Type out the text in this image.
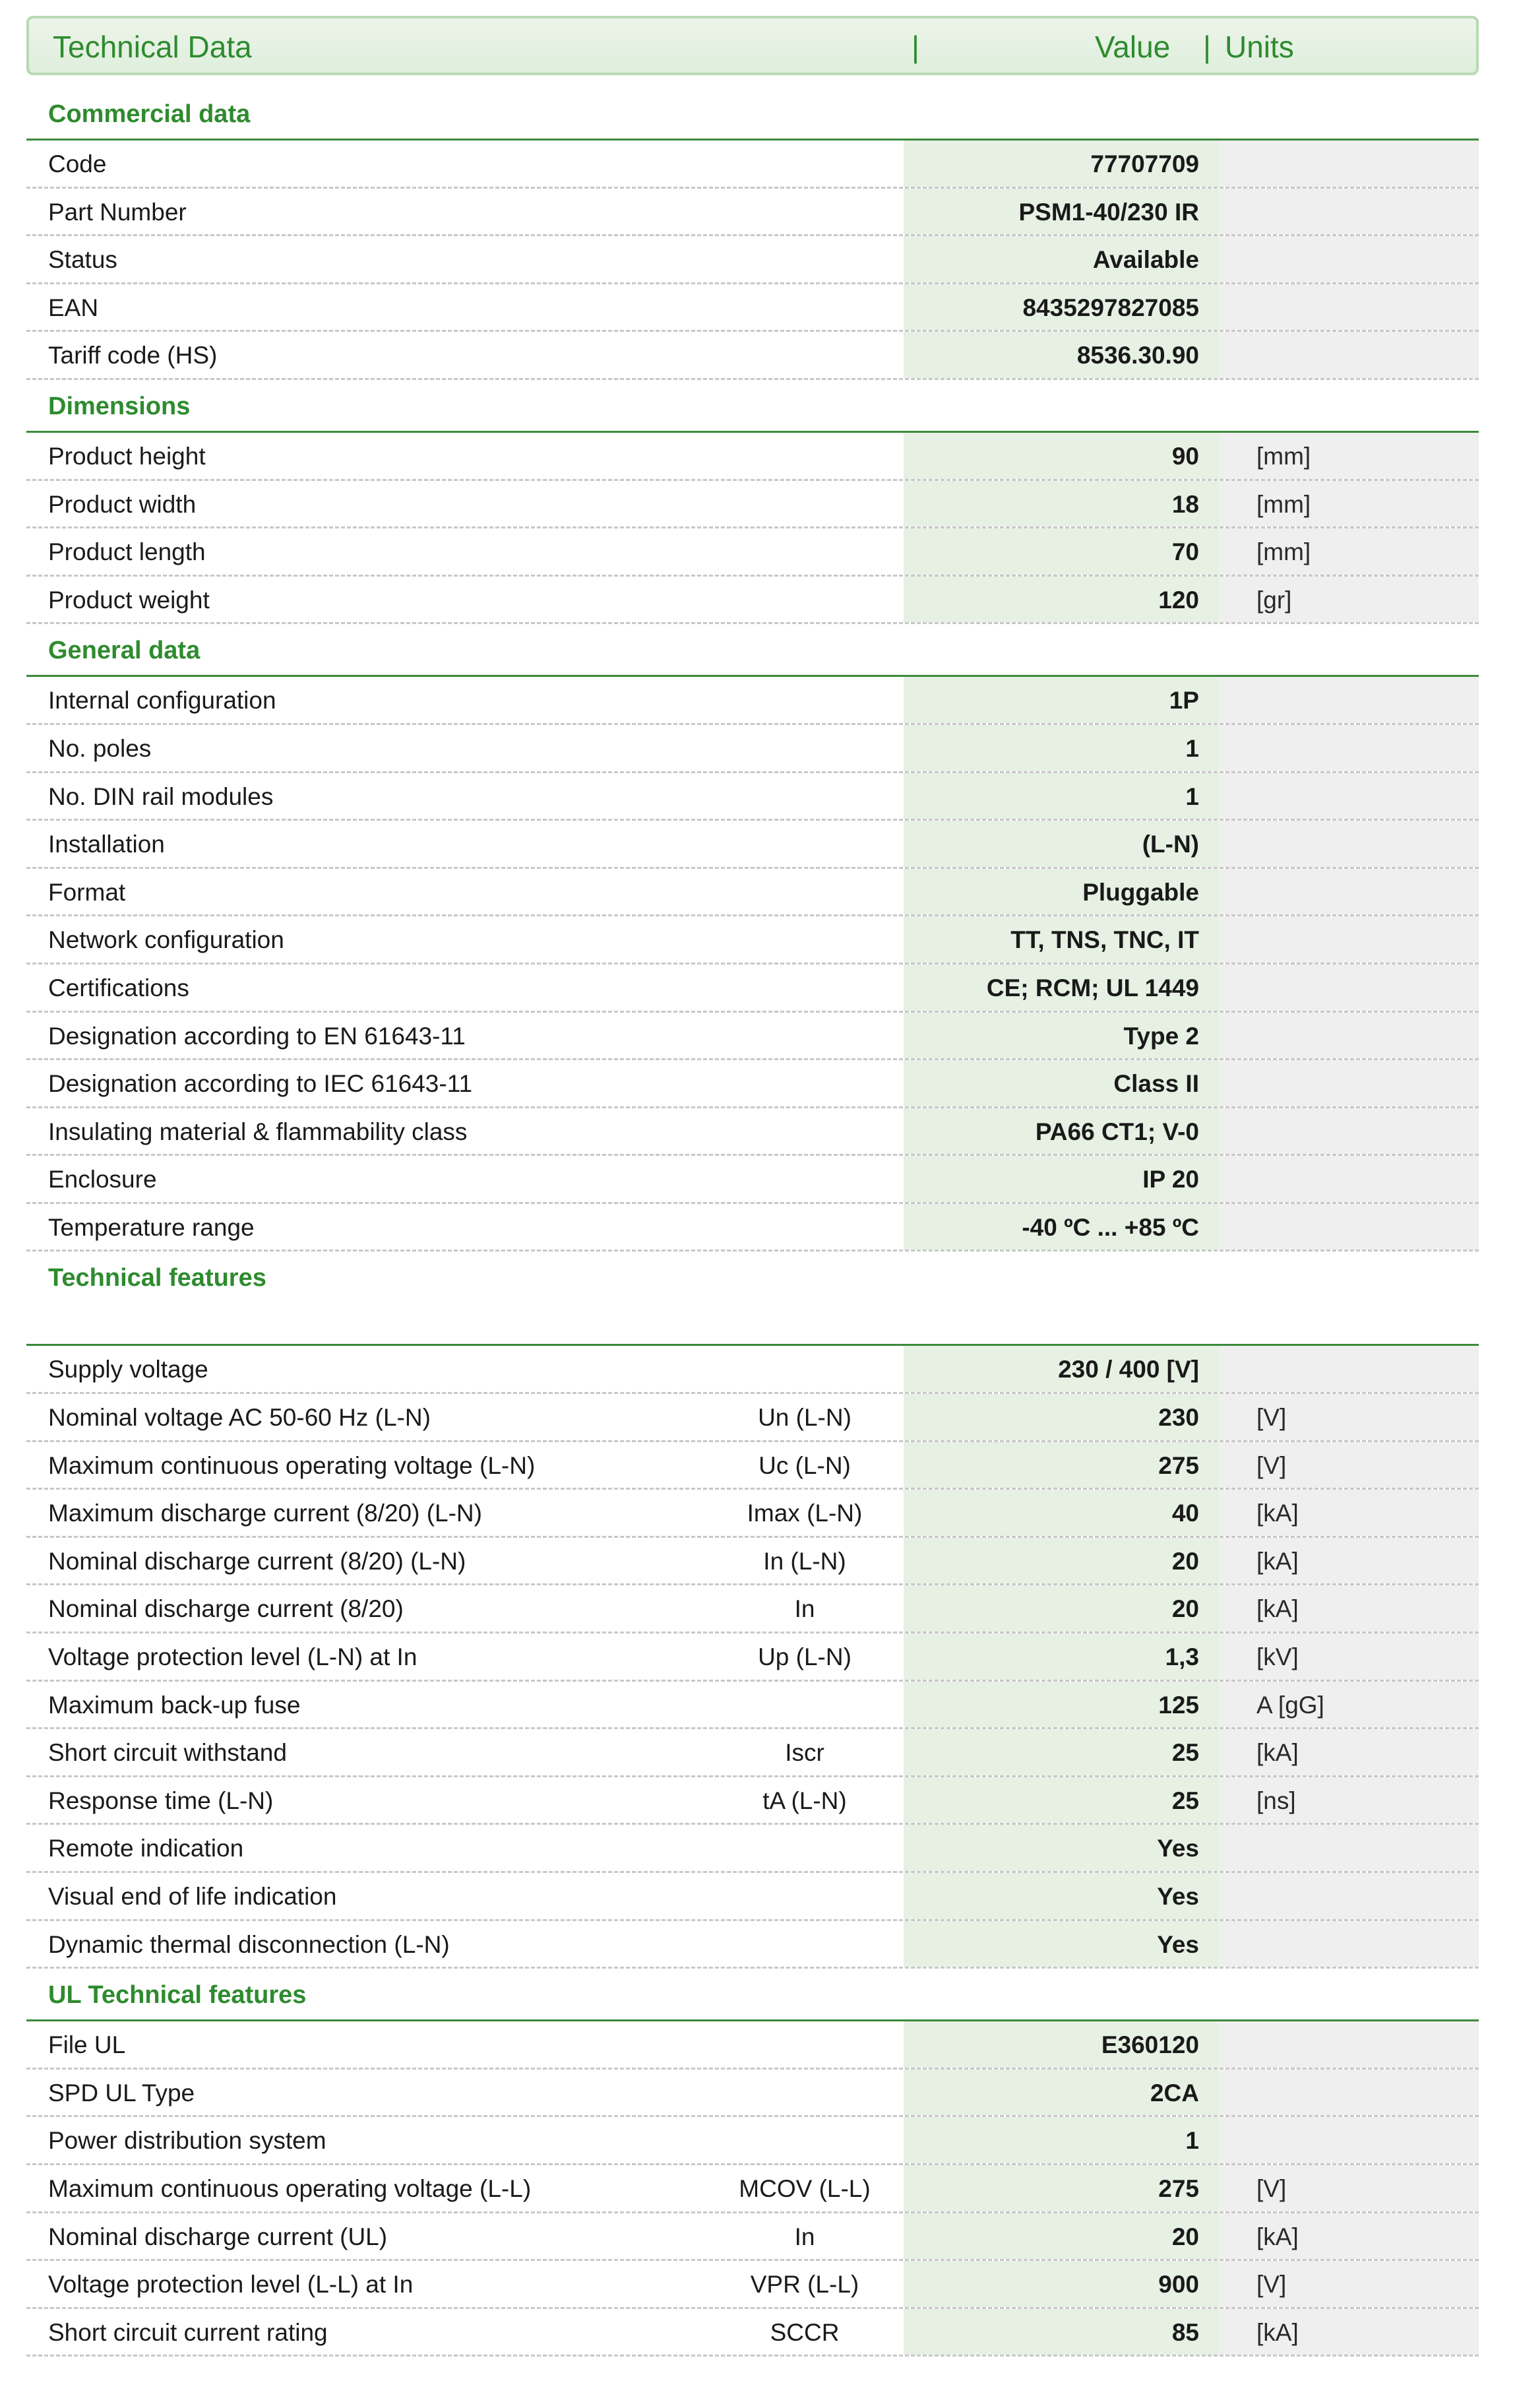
Technical Data	|	Value | Units
Commercial data
Code	77707709
Part Number	PSM1-40/230 IR
Status	Available
EAN	8435297827085
Tariff code (HS)	8536.30.90
Dimensions
Product height	90	[mm]
Product width	18	[mm]
Product length	70	[mm]
Product weight	120	[gr]
General data
Internal configuration	1P
No. poles	1
No. DIN rail modules	1
Installation	(L-N)
Format	Pluggable
Network configuration	TT, TNS, TNC, IT
Certifications	CE; RCM; UL 1449
Designation according to EN 61643-11	Type 2
Designation according to IEC 61643-11	Class II
Insulating material & flammability class	PA66 CT1; V-0
Enclosure	IP 20
Temperature range	-40 ºC ... +85 ºC
Technical features
Supply voltage	230 / 400 [V]
Nominal voltage AC 50-60 Hz (L-N)	Un (L-N)	230	[V]
Maximum continuous operating voltage (L-N)	Uc (L-N)	275	[V]
Maximum discharge current (8/20) (L-N)	Imax (L-N)	40	[kA]
Nominal discharge current (8/20) (L-N)	In (L-N)	20	[kA]
Nominal discharge current (8/20)	In	20	[kA]
Voltage protection level (L-N) at In	Up (L-N)	1,3	[kV]
Maximum back-up fuse	125	A [gG]
Short circuit withstand	Iscr	25	[kA]
Response time (L-N)	tA (L-N)	25	[ns]
Remote indication	Yes
Visual end of life indication	Yes
Dynamic thermal disconnection (L-N)	Yes
UL Technical features
File UL	E360120
SPD UL Type	2CA
Power distribution system	1
Maximum continuous operating voltage (L-L)	MCOV (L-L)	275	[V]
Nominal discharge current (UL)	In	20	[kA]
Voltage protection level (L-L) at In	VPR (L-L)	900	[V]
Short circuit current rating	SCCR	85	[kA]
